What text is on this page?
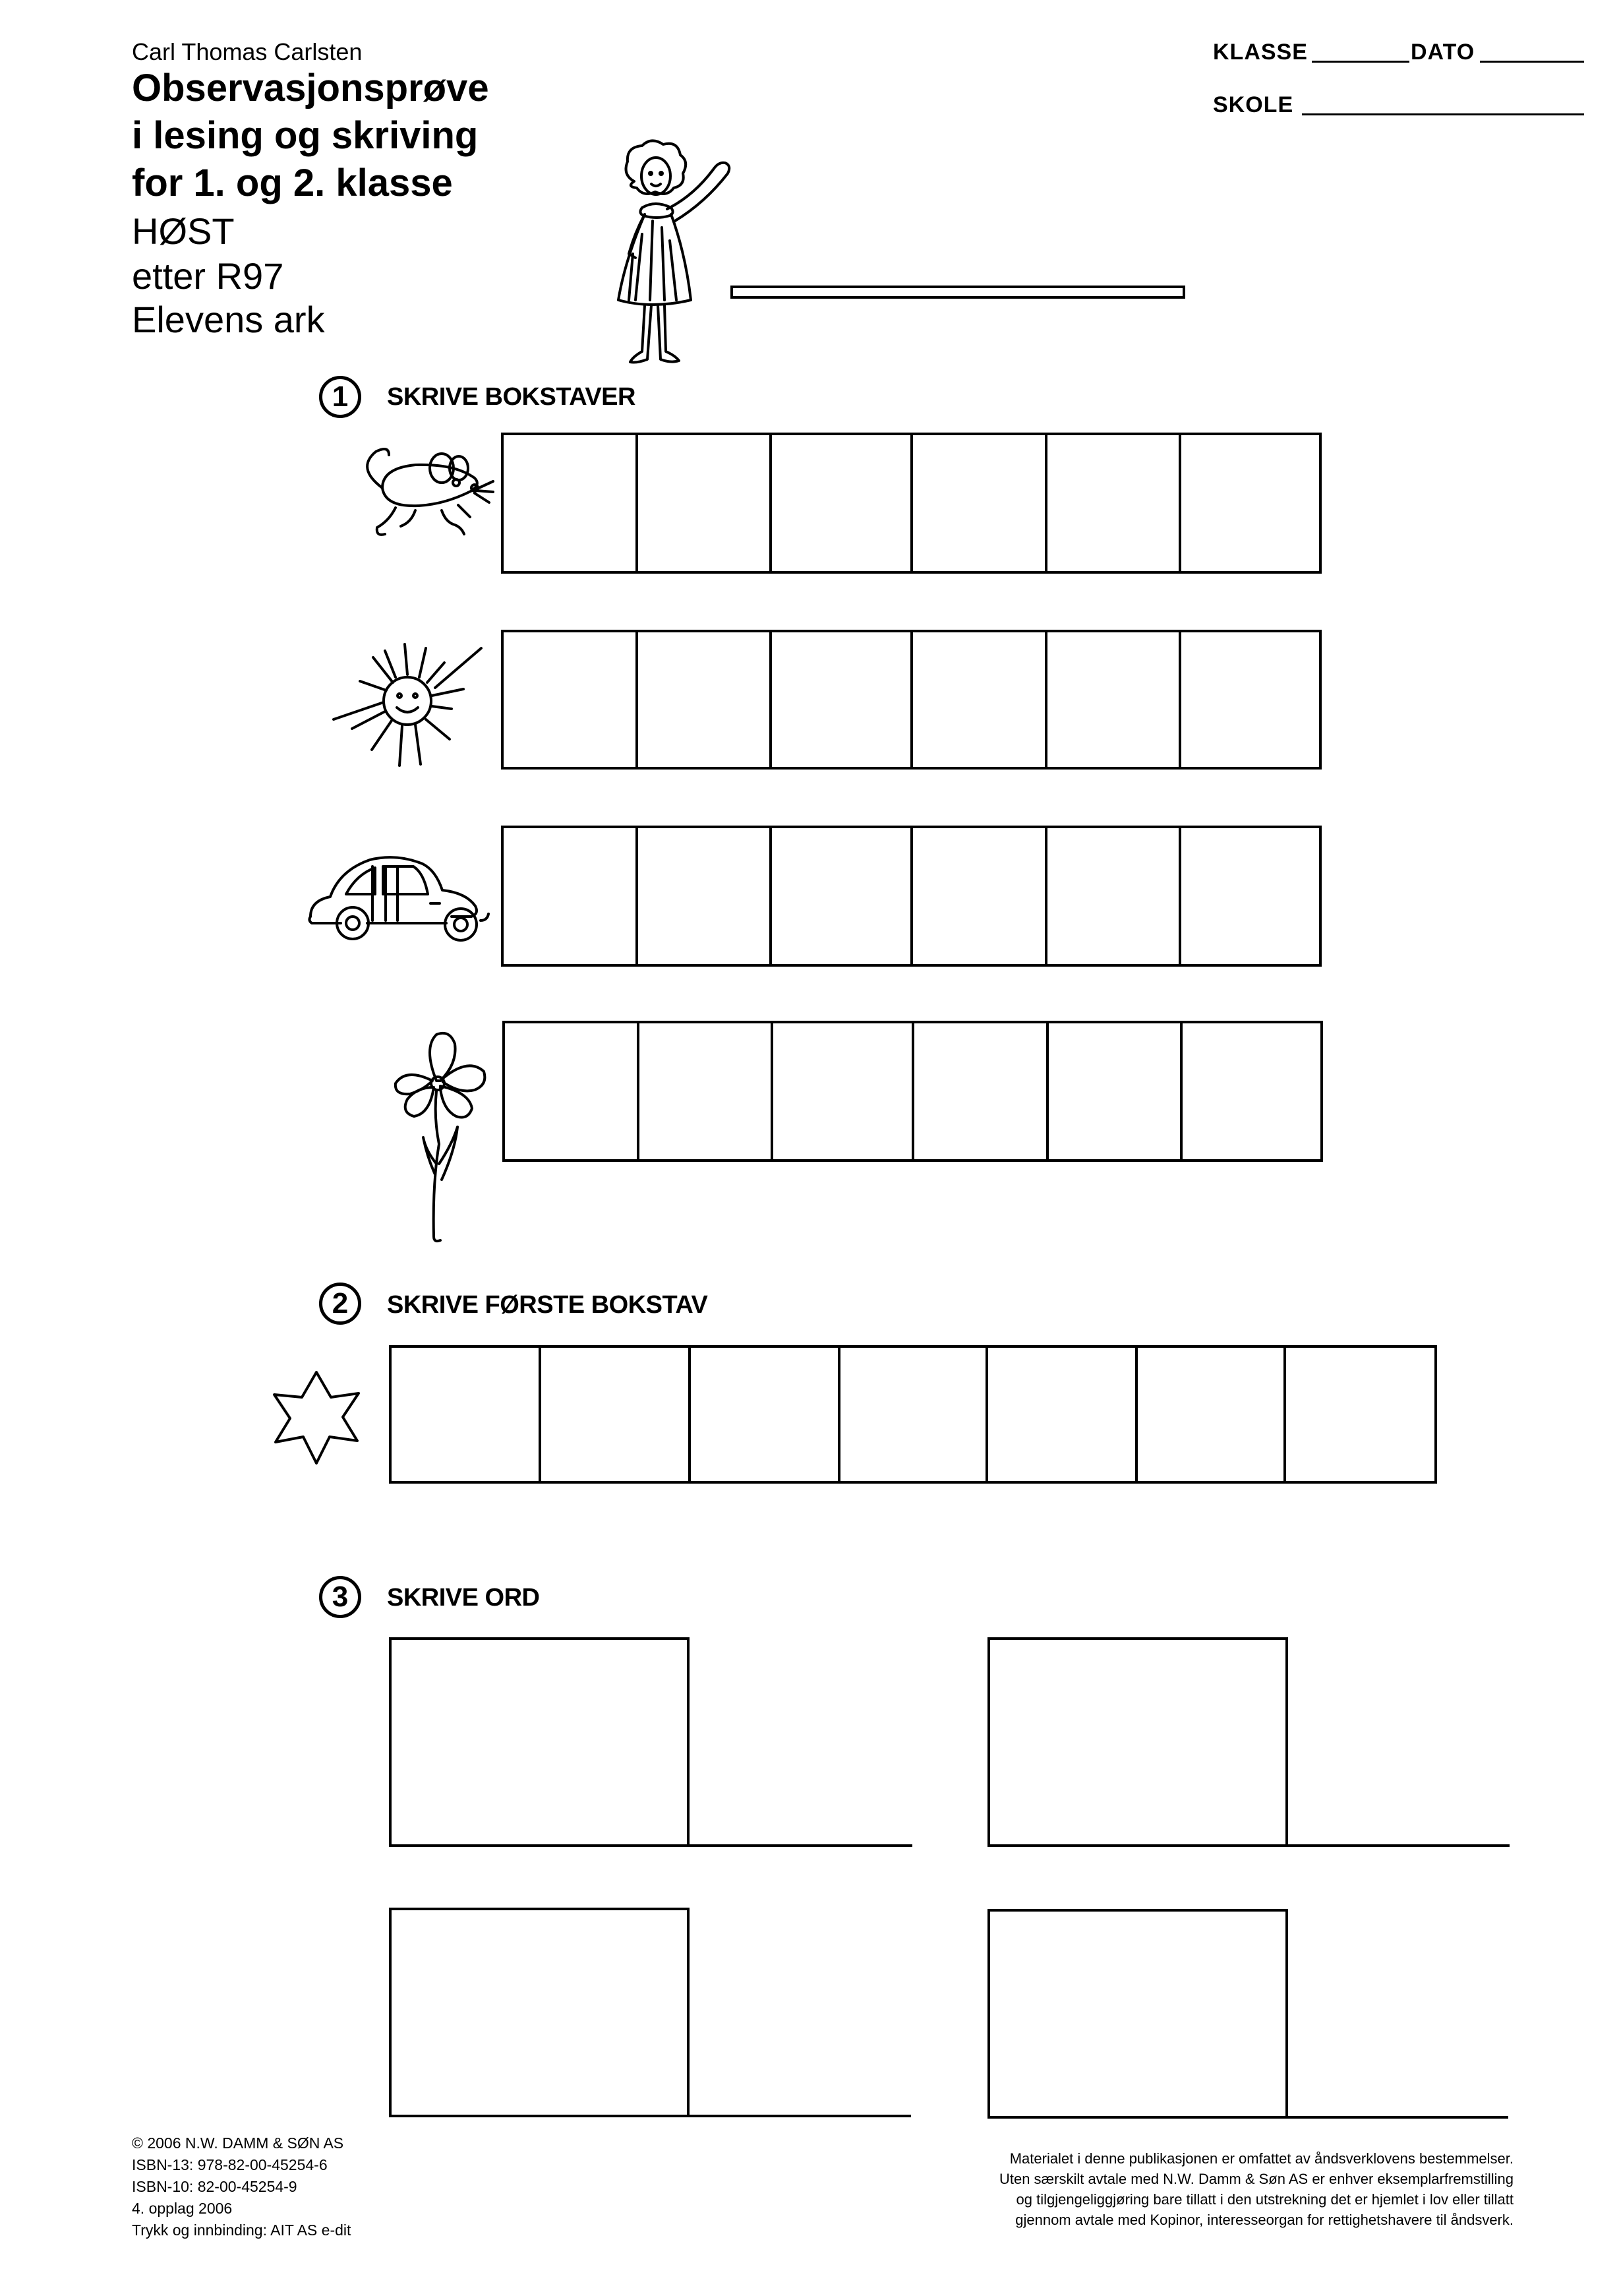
Carl Thomas Carlsten
Observasjonsprøve
i lesing og skriving
for 1. og 2. klasse
HØST
etter R97
Elevens ark
KLASSE	DATO
SKOLE
1	SKRIVE BOKSTAVER
2	SKRIVE FØRSTE BOKSTAV
3	SKRIVE ORD
© 2006 N.W. DAMM & SØN AS
ISBN-13: 978-82-00-45254-6
ISBN-10: 82-00-45254-9
4. opplag 2006
Trykk og innbinding: AIT AS e-dit
Materialet i denne publikasjonen er omfattet av åndsverklovens bestemmelser.
Uten særskilt avtale med N.W. Damm & Søn AS er enhver eksemplarfremstilling
og tilgjengeliggjøring bare tillatt i den utstrekning det er hjemlet i lov eller tillatt
gjennom avtale med Kopinor, interesseorgan for rettighetshavere til åndsverk.
